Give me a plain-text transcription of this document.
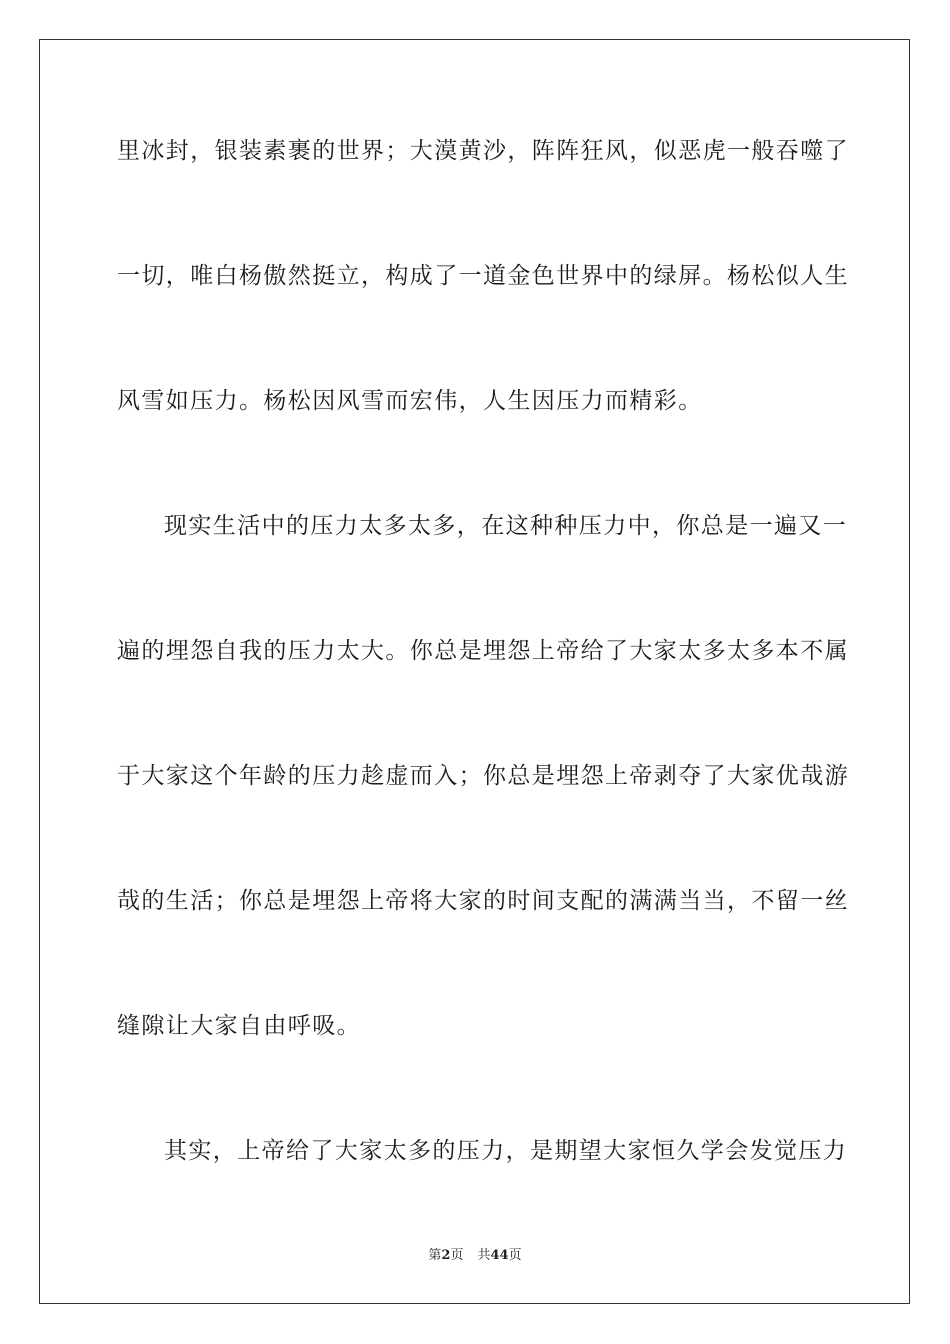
里冰封，银装素裹的世界；大漠黄沙，阵阵狂风，似恶虎一般吞噬了
一切，唯白杨傲然挺立，构成了一道金色世界中的绿屏。杨松似人生
风雪如压力。杨松因风雪而宏伟，人生因压力而精彩。
现实生活中的压力太多太多，在这种种压力中，你总是一遍又一
遍的埋怨自我的压力太大。你总是埋怨上帝给了大家太多太多本不属
于大家这个年龄的压力趁虚而入；你总是埋怨上帝剥夺了大家优哉游
哉的生活；你总是埋怨上帝将大家的时间支配的满满当当，不留一丝
缝隙让大家自由呼吸。
其实，上帝给了大家太多的压力，是期望大家恒久学会发觉压力
第2页 共44页
